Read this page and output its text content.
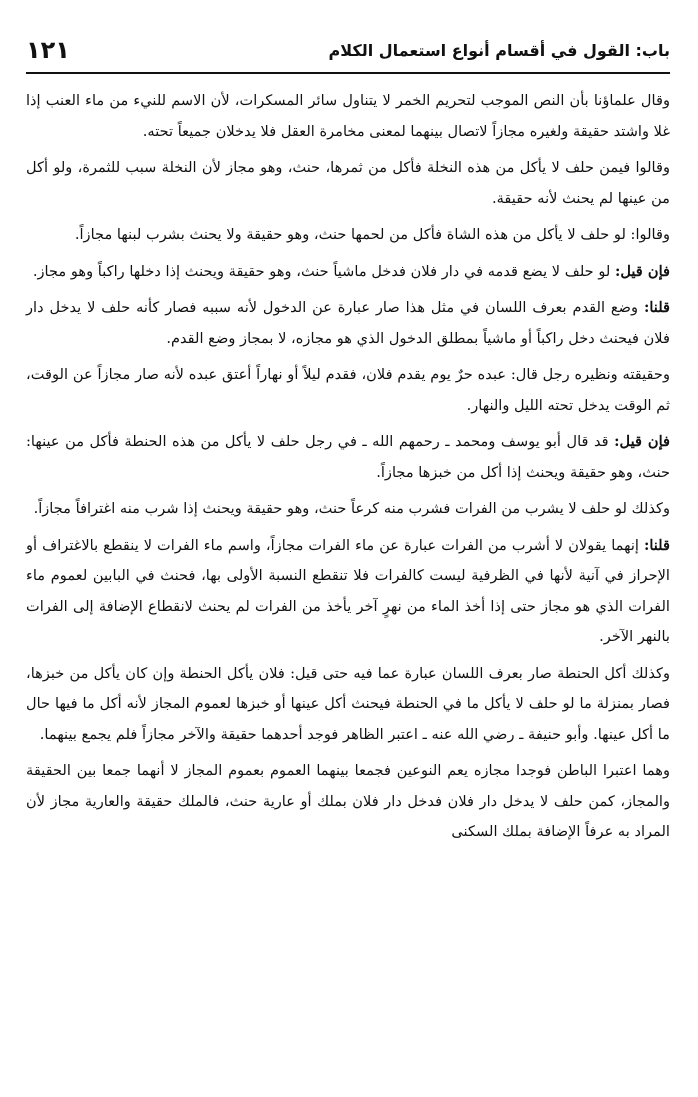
باب: القول في أقسام أنواع استعمال الكلام
١٢١

وقال علماؤنا بأن النص الموجب لتحريم الخمر لا يتناول سائر المسكرات، لأن الاسم للنيء من ماء العنب إذا غلا واشتد حقيقة ولغيره مجازاً لاتصال بينهما لمعنى مخامرة العقل فلا يدخلان جميعاً تحته.

وقالوا فيمن حلف لا يأكل من هذه النخلة فأكل من ثمرها، حنث، وهو مجاز لأن النخلة سبب للثمرة، ولو أكل من عينها لم يحنث لأنه حقيقة.

وقالوا: لو حلف لا يأكل من هذه الشاة فأكل من لحمها حنث، وهو حقيقة ولا يحنث بشرب لبنها مجازاً.

فإن قيل: لو حلف لا يضع قدمه في دار فلان فدخل ماشياً حنث، وهو حقيقة ويحنث إذا دخلها راكباً وهو مجاز.

قلنا: وضع القدم بعرف اللسان في مثل هذا صار عبارة عن الدخول لأنه سببه فصار كأنه حلف لا يدخل دار فلان فيحنث دخل راكباً أو ماشياً بمطلق الدخول الذي هو مجازه، لا بمجاز وضع القدم.

وحقيقته ونظيره رجل قال: عبده حرٌ يوم يقدم فلان، فقدم ليلاً أو نهاراً أعتق عبده لأنه صار مجازاً عن الوقت، ثم الوقت يدخل تحته الليل والنهار.

فإن قيل: قد قال أبو يوسف ومحمد ـ رحمهم الله ـ في رجل حلف لا يأكل من هذه الحنطة فأكل من عينها: حنث، وهو حقيقة ويحنث إذا أكل من خبزها مجازاً.

وكذلك لو حلف لا يشرب من الفرات فشرب منه كرعاً حنث، وهو حقيقة ويحنث إذا شرب منه اغترافاً مجازاً.

قلنا: إنهما يقولان لا أشرب من الفرات عبارة عن ماء الفرات مجازاً، واسم ماء الفرات لا ينقطع بالاغتراف أو الإحراز في آنية لأنها في الظرفية ليست كالفرات فلا تنقطع النسبة الأولى بها، فحنث في البابين لعموم ماء الفرات الذي هو مجاز حتى إذا أخذ الماء من نهرٍ آخر يأخذ من الفرات لم يحنث لانقطاع الإضافة إلى الفرات بالنهر الآخر.

وكذلك أكل الحنطة صار بعرف اللسان عبارة عما فيه حتى قيل: فلان يأكل الحنطة وإن كان يأكل من خبزها، فصار بمنزلة ما لو حلف لا يأكل ما في الحنطة فيحنث أكل عينها أو خبزها لعموم المجاز لأنه أكل ما فيها حال ما أكل عينها. وأبو حنيفة ـ رضي الله عنه ـ اعتبر الظاهر فوجد أحدهما حقيقة والآخر مجازاً فلم يجمع بينهما.

وهما اعتبرا الباطن فوجدا مجازه يعم النوعين فجمعا بينهما العموم بعموم المجاز لا أنهما جمعا بين الحقيقة والمجاز، كمن حلف لا يدخل دار فلان فدخل دار فلان بملك أو عارية حنث، فالملك حقيقة والعارية مجاز لأن المراد به عرفاً الإضافة بملك السكنى
